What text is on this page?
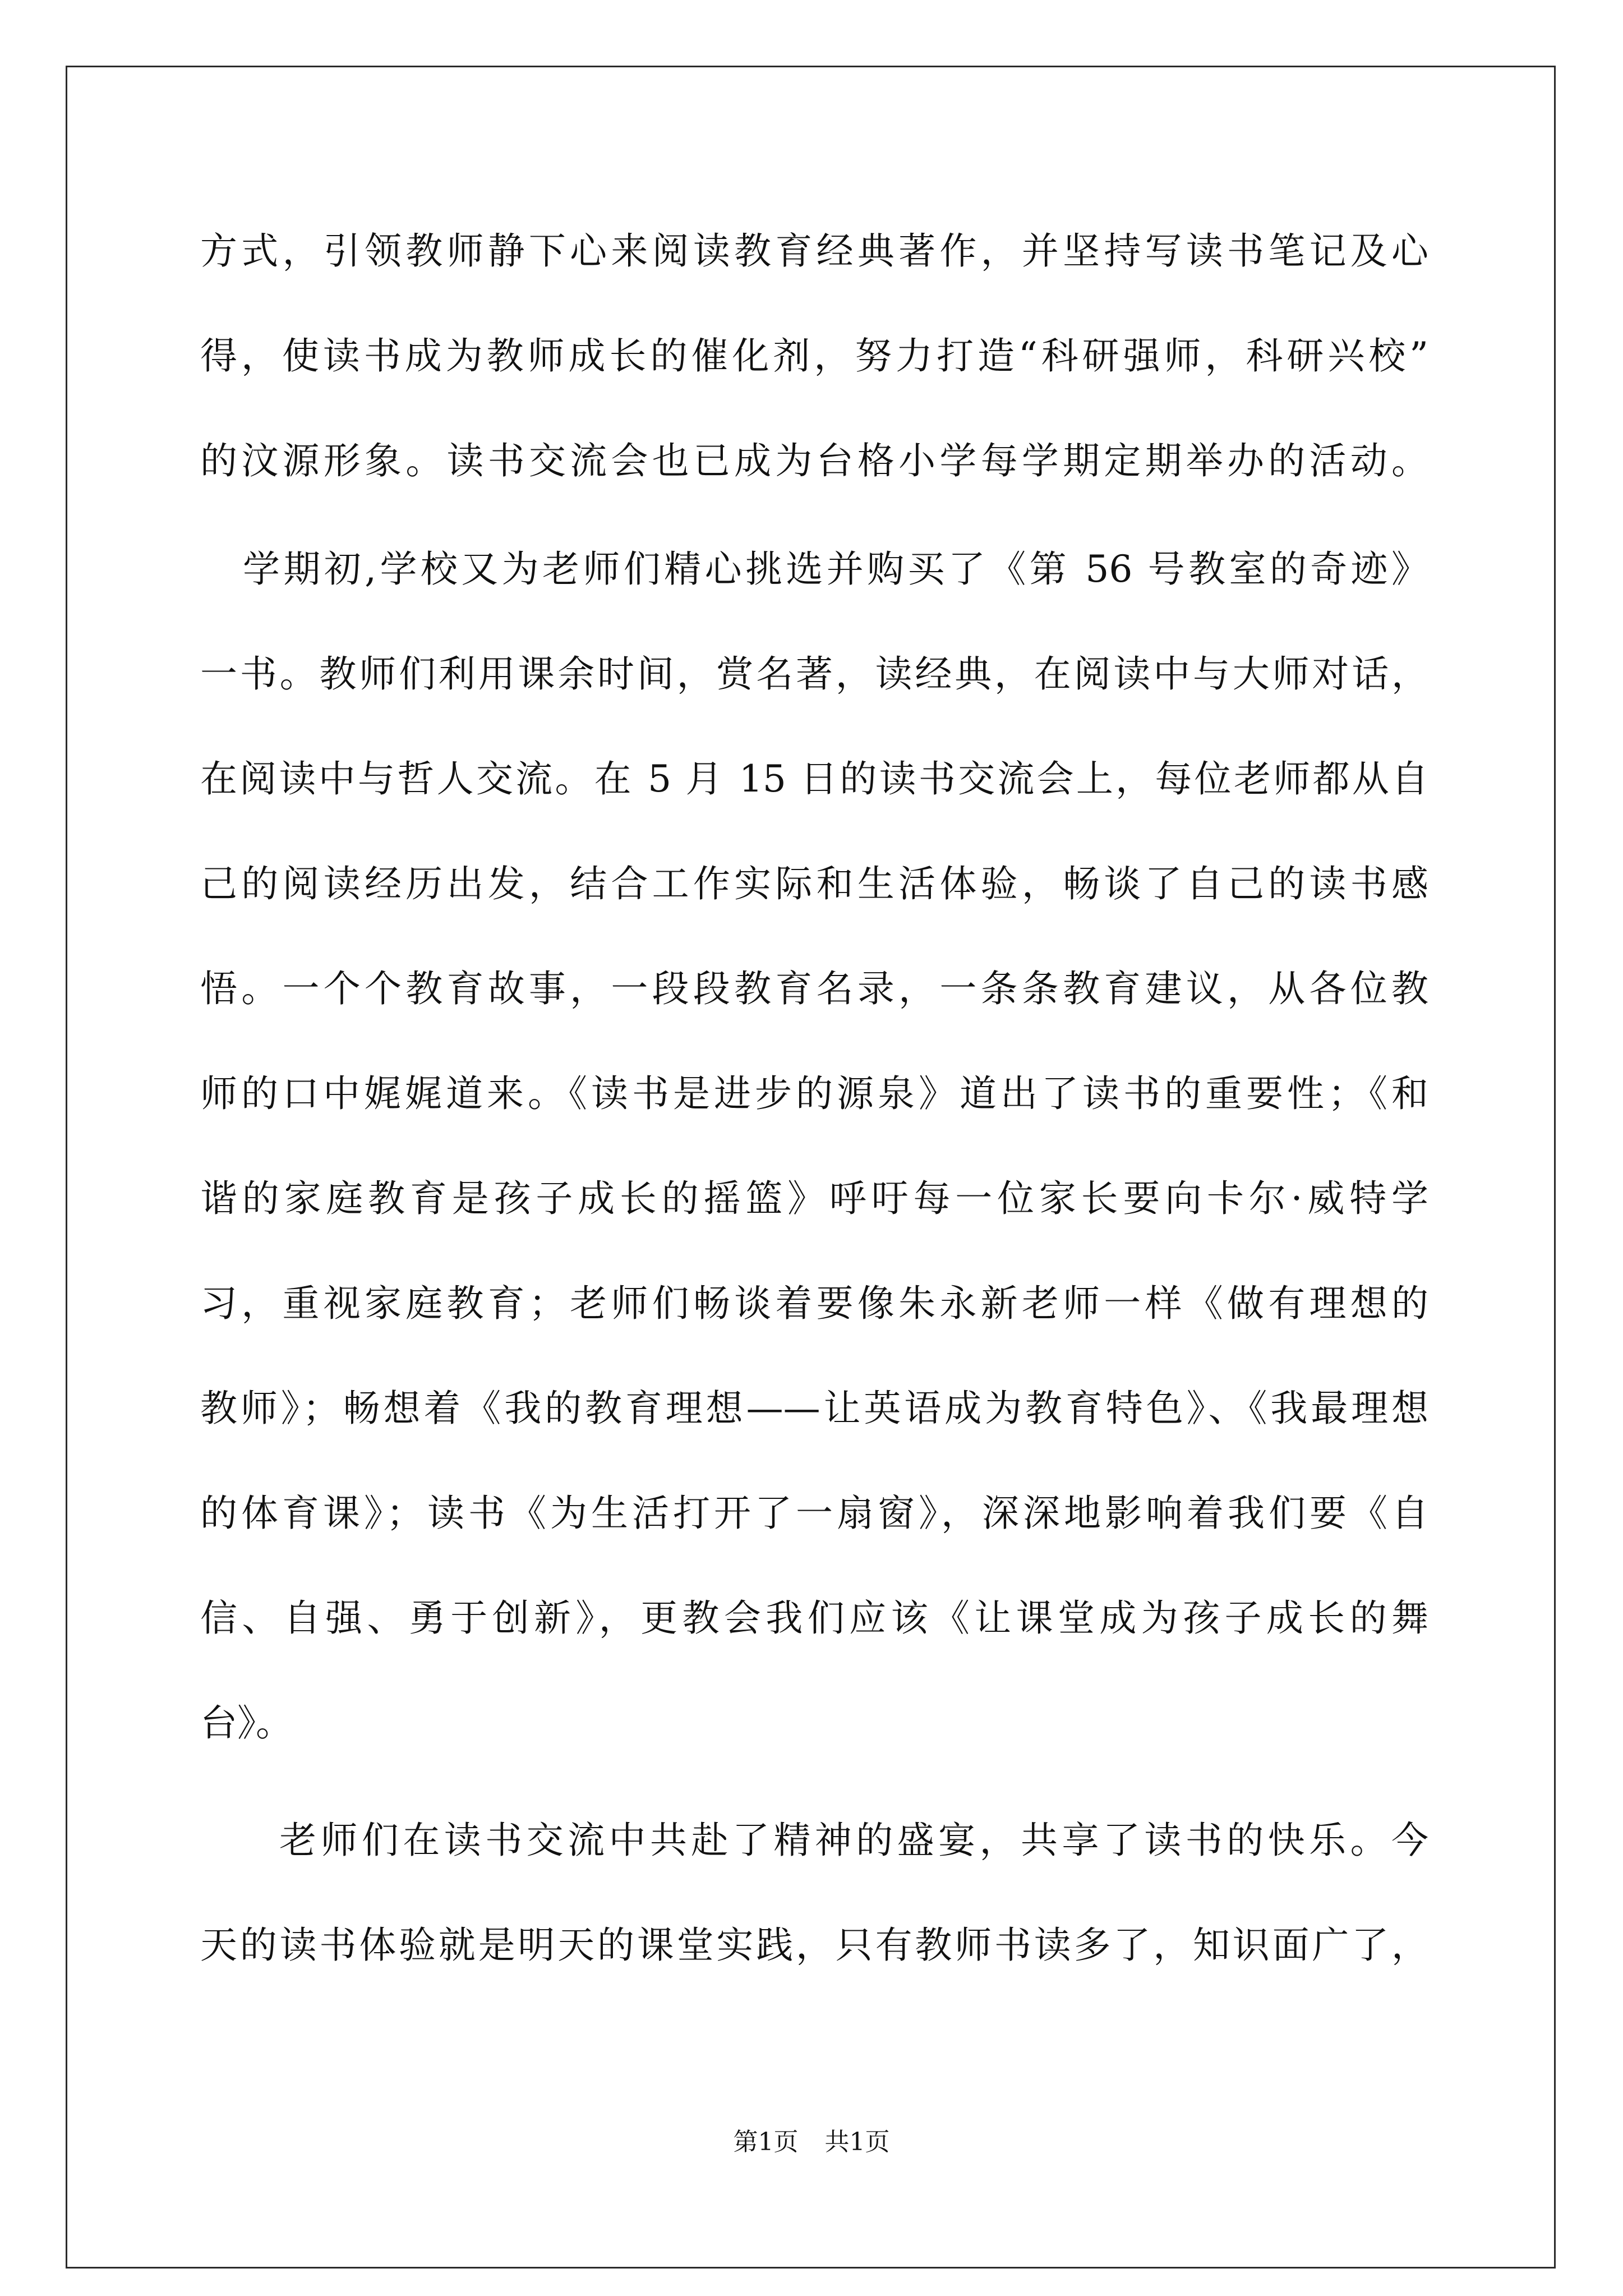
方式，引领教师静下心来阅读教育经典著作，并坚持写读书笔记及心
得，使读书成为教师成长的催化剂，努力打造“科研强师，科研兴校”
的汶源形象。读书交流会也已成为台格小学每学期定期举办的活动。
学期初,学校又为老师们精心挑选并购买了《第 56 号教室的奇迹》
一书。教师们利用课余时间，赏名著，读经典，在阅读中与大师对话，
在阅读中与哲人交流。在 5 月 15 日的读书交流会上，每位老师都从自
己的阅读经历出发，结合工作实际和生活体验，畅谈了自己的读书感
悟。一个个教育故事，一段段教育名录，一条条教育建议，从各位教
师的口中娓娓道来。《读书是进步的源泉》道出了读书的重要性；《和
谐的家庭教育是孩子成长的摇篮》呼吁每一位家长要向卡尔·威特学
习，重视家庭教育；老师们畅谈着要像朱永新老师一样《做有理想的
教师》；畅想着《我的教育理想——让英语成为教育特色》、《我最理想
的体育课》；读书《为生活打开了一扇窗》，深深地影响着我们要《自
信、自强、勇于创新》，更教会我们应该《让课堂成为孩子成长的舞
台》。
老师们在读书交流中共赴了精神的盛宴，共享了读书的快乐。今
天的读书体验就是明天的课堂实践，只有教师书读多了，知识面广了，
第1页 共1页
